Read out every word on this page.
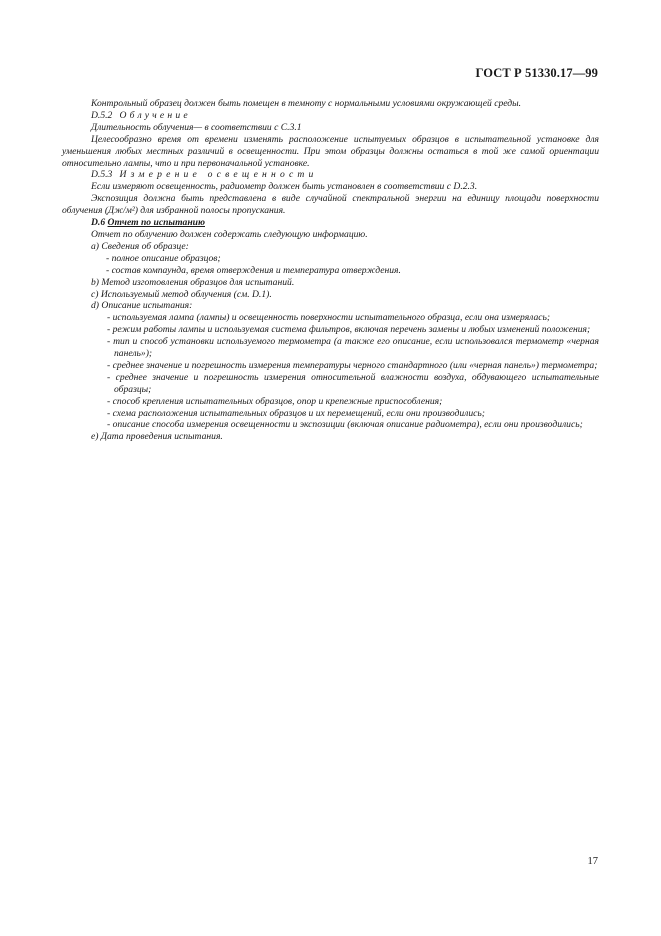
ГОСТ Р 51330.17—99

Контрольный образец должен быть помещен в темноту с нормальными условиями окружающей среды.

D.5.2 Облучение

Длительность облучения— в соответствии с С.3.1

Целесообразно время от времени изменять расположение испытуемых образцов в испытательной установке для уменьшения любых местных различий в освещенности. При этом образцы должны остаться в той же самой ориентации относительно лампы, что и при первоначальной установке.

D.5.3 Измерение освещенности

Если измеряют освещенность, радиометр должен быть установлен в соответствии с D.2.3.

Экспозиция должна быть представлена в виде случайной спектральной энергии на единицу площади поверхности облучения (Дж/м²) для избранной полосы пропускания.

D.6 Отчет по испытанию

Отчет по облучению должен содержать следующую информацию.

a) Сведения об образце:

- полное описание образцов;

- состав компаунда, время отверждения и температура отверждения.

b) Метод изготовления образцов для испытаний.

c) Используемый метод облучения (см. D.1).

d) Описание испытания:

- используемая лампа (лампы) и освещенность поверхности испытательного образца, если она измерялась;

- режим работы лампы и используемая система фильтров, включая перечень замены и любых изменений положения;

- тип и способ установки используемого термометра (а также его описание, если использовался термометр «черная панель»);

- среднее значение и погрешность измерения температуры черного стандартного (или «черная панель») термометра;

- среднее значение и погрешность измерения относительной влажности воздуха, обдувающего испытательные образцы;

- способ крепления испытательных образцов, опор и крепежные приспособления;

- схема расположения испытательных образцов и их перемещений, если они производились;

- описание способа измерения освещенности и экспозиции (включая описание радиометра), если они производились;

e) Дата проведения испытания.

17
